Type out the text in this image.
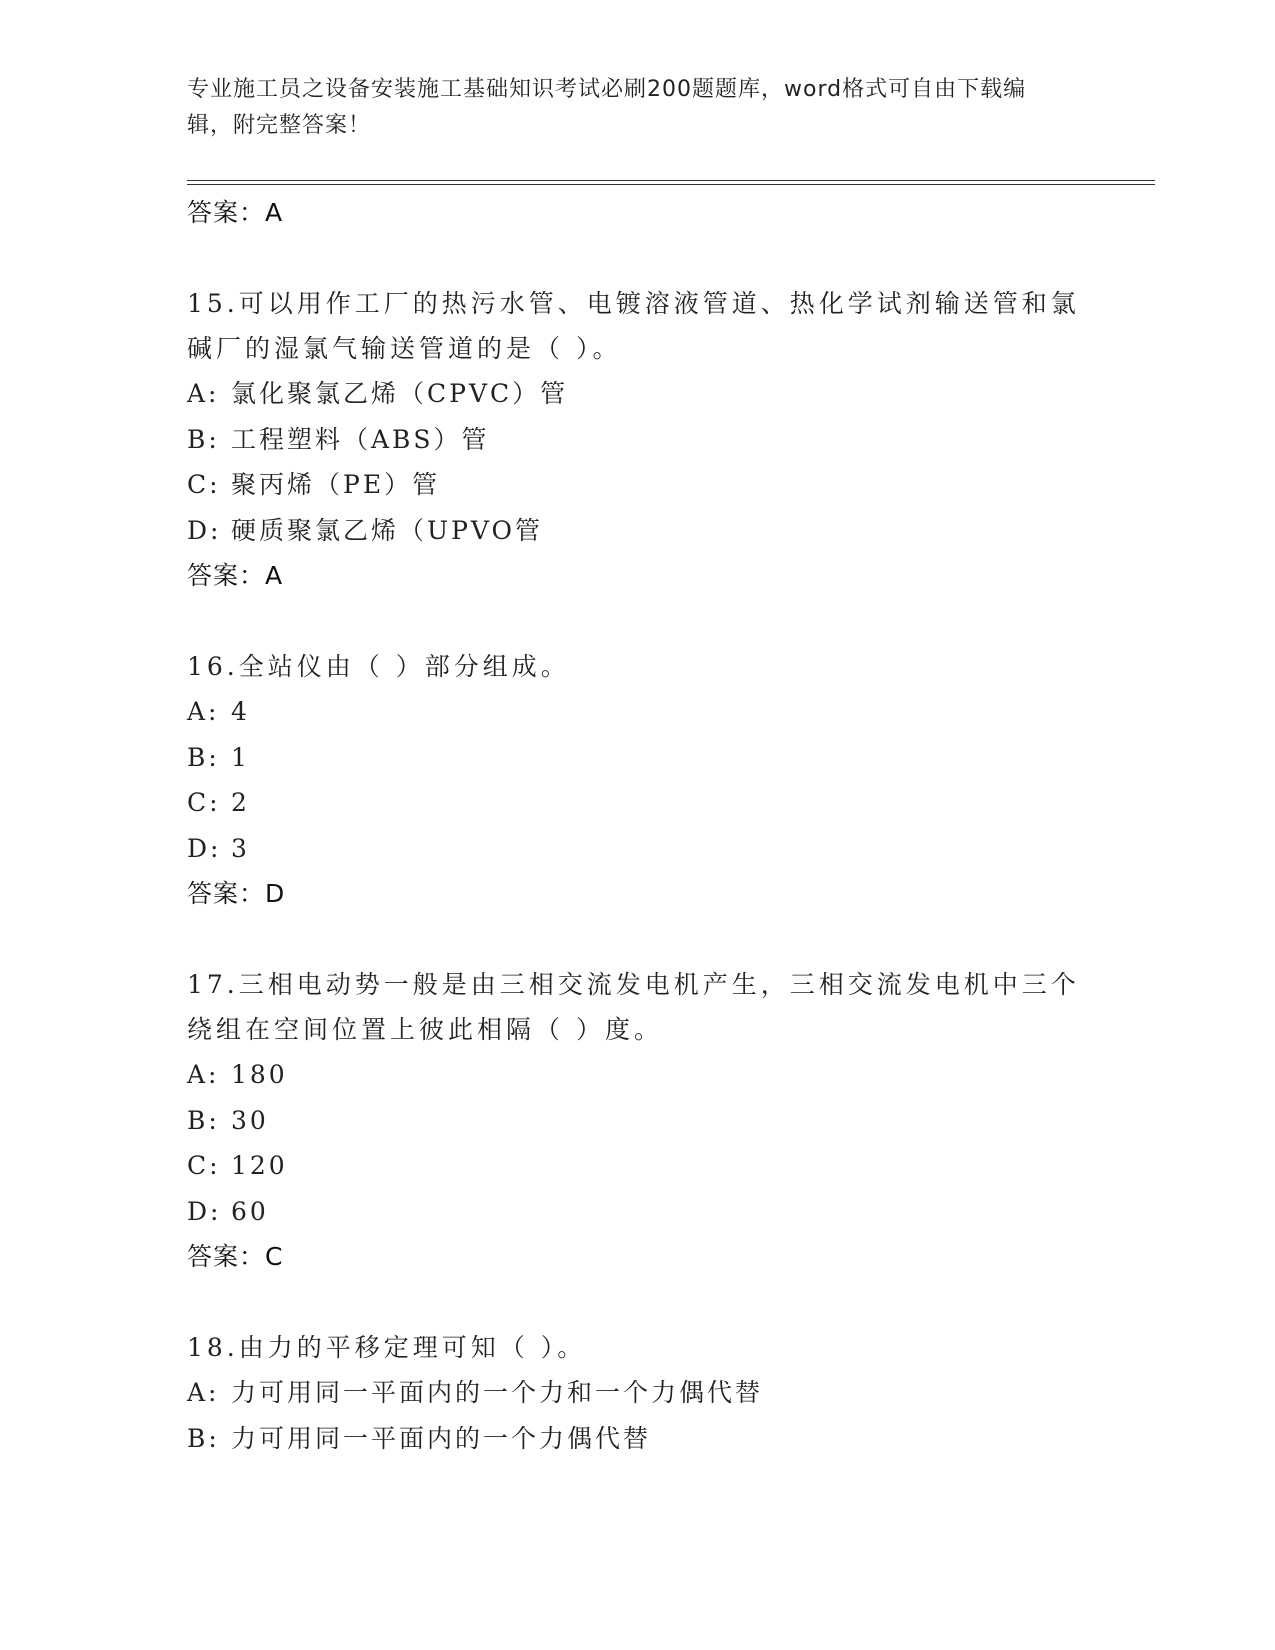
专业施工员之设备安装施工基础知识考试必刷200题题库，word格式可自由下载编辑，附完整答案！
答案：A
15.可以用作工厂的热污水管、电镀溶液管道、热化学试剂输送管和氯碱厂的湿氯气输送管道的是（ ）。
A: 氯化聚氯乙烯（CPVC）管
B: 工程塑料（ABS）管
C: 聚丙烯（PE）管
D: 硬质聚氯乙烯（UPVO管
答案：A
16.全站仪由（ ）部分组成。
A: 4
B: 1
C: 2
D: 3
答案：D
17.三相电动势一般是由三相交流发电机产生，三相交流发电机中三个绕组在空间位置上彼此相隔（ ）度。
A: 180
B: 30
C: 120
D: 60
答案：C
18.由力的平移定理可知（ ）。
A: 力可用同一平面内的一个力和一个力偶代替
B: 力可用同一平面内的一个力偶代替
